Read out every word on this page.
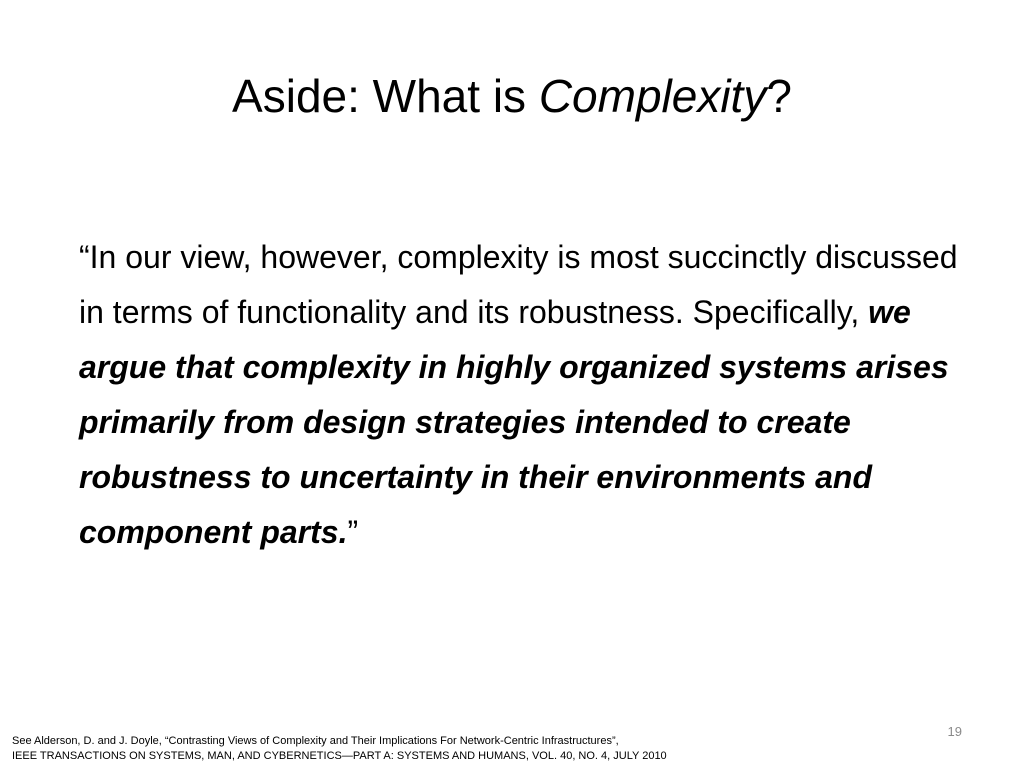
Aside: What is Complexity?

“In our view, however, complexity is most succinctly discussed in terms of functionality and its robustness. Specifically, we argue that complexity in highly organized systems arises primarily from design strategies intended to create robustness to uncertainty in their environments and component parts.”

19
See Alderson, D. and J. Doyle, “Contrasting Views of Complexity and Their Implications For Network-Centric Infrastructures”,
IEEE TRANSACTIONS ON SYSTEMS, MAN, AND CYBERNETICS—PART A: SYSTEMS AND HUMANS, VOL. 40, NO. 4, JULY 2010
